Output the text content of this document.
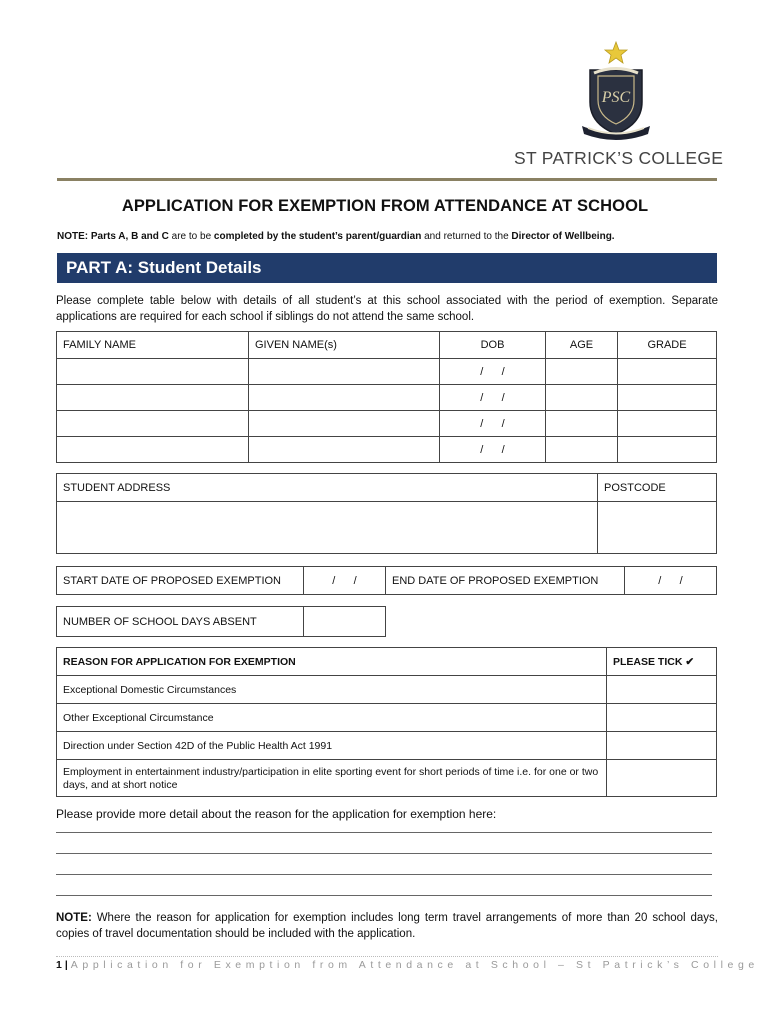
PSC
ST PATRICK’S COLLEGE
APPLICATION FOR EXEMPTION FROM ATTENDANCE AT SCHOOL
NOTE: Parts A, B and C are to be completed by the student’s parent/guardian and returned to the Director of Wellbeing.
PART A: Student Details
Please complete table below with details of all student’s at this school associated with the period of exemption. Separate applications are required for each school if siblings do not attend the same school.
FAMILY NAME	GIVEN NAME(s)	DOB	AGE	GRADE
		/      /		
		/      /		
		/      /		
		/      /		
STUDENT ADDRESS	POSTCODE

START DATE OF PROPOSED EXEMPTION	/      /	END DATE OF PROPOSED EXEMPTION	/      /
NUMBER OF SCHOOL DAYS ABSENT	
REASON FOR APPLICATION FOR EXEMPTION	PLEASE TICK ✔
Exceptional Domestic Circumstances	
Other Exceptional Circumstance	
Direction under Section 42D of the Public Health Act 1991	
Employment in entertainment industry/participation in elite sporting event for short periods of time i.e. for one or two days, and at short notice	
Please provide more detail about the reason for the application for exemption here:
NOTE: Where the reason for application for exemption includes long term travel arrangements of more than 20 school days, copies of travel documentation should be included with the application.
1 | Application for Exemption from Attendance at School – St Patrick’s College
